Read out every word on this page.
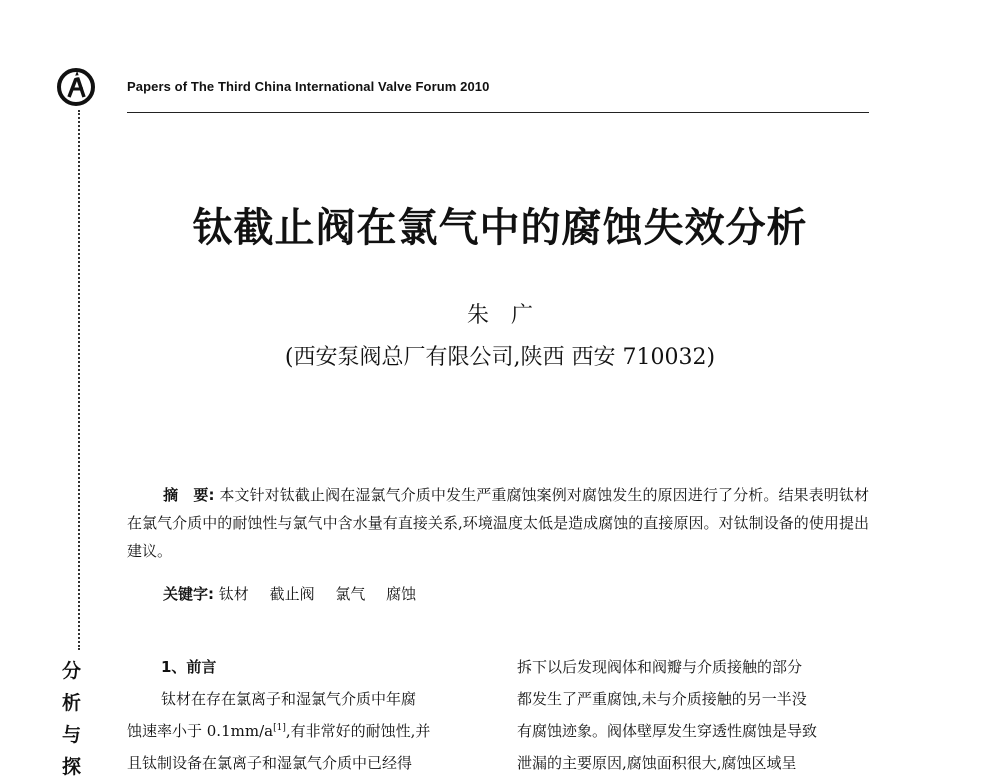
Papers of The Third China International Valve Forum 2010
钛截止阀在氯气中的腐蚀失效分析
朱　广
(西安泵阀总厂有限公司,陕西 西安 710032)
摘　要: 本文针对钛截止阀在湿氯气介质中发生严重腐蚀案例对腐蚀发生的原因进行了分析。结果表明钛材在氯气介质中的耐蚀性与氯气中含水量有直接关系,环境温度太低是造成腐蚀的直接原因。对钛制设备的使用提出建议。
关键字: 钛材 截止阀 氯气 腐蚀
分
析
与
探

1、前言

钛材在存在氯离子和湿氯气介质中年腐

蚀速率小于 0.1mm/a[1],有非常好的耐蚀性,并

且钛制设备在氯离子和湿氯气介质中已经得

拆下以后发现阀体和阀瓣与介质接触的部分

都发生了严重腐蚀,未与介质接触的另一半没

有腐蚀迹象。阀体壁厚发生穿透性腐蚀是导致

泄漏的主要原因,腐蚀面积很大,腐蚀区域呈
